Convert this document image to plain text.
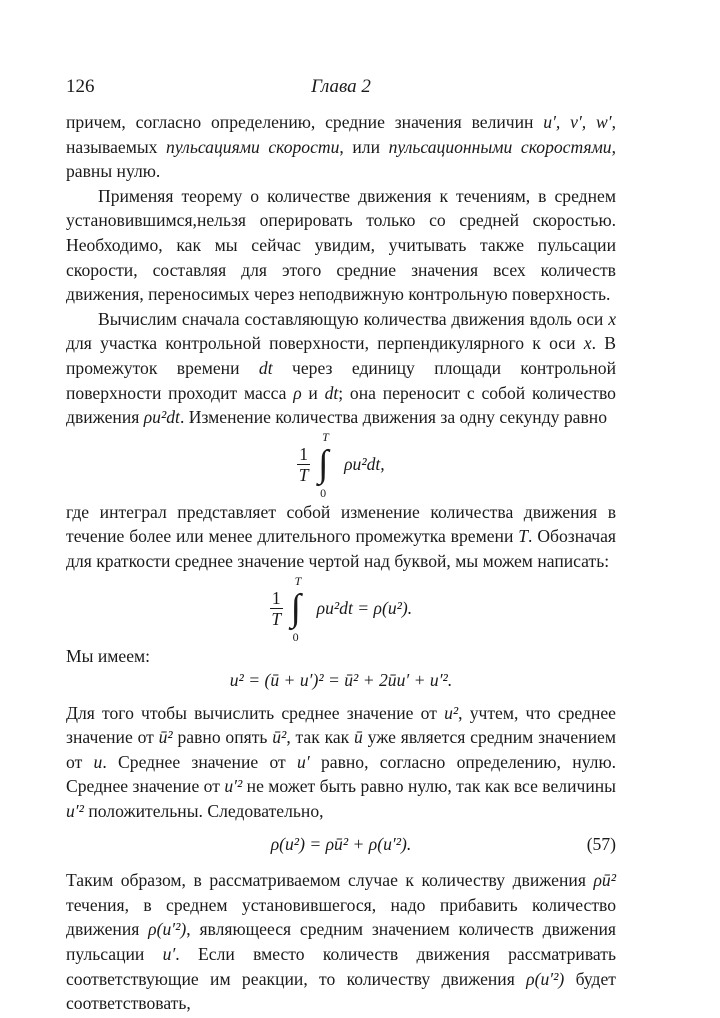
126	Глава 2

причем, согласно определению, средние значения величин u′, v′, w′, называемых пульсациями скорости, или пульсационными скоростями, равны нулю.

Применяя теорему о количестве движения к течениям, в среднем установившимся,нельзя оперировать только со средней скоростью. Необходимо, как мы сейчас увидим, учитывать также пульсации скорости, составляя для этого средние значения всех количеств движения, переносимых через неподвижную контрольную поверхность.

Вычислим сначала составляющую количества движения вдоль оси x для участка контрольной поверхности, перпендикулярного к оси x. В промежуток времени dt через единицу площади контрольной поверхности проходит масса ρ и dt; она переносит с собой количество движения ρu²dt. Изменение количества движения за одну секунду равно

$\frac{1}{T}$
T
∫
0
ρu²dt,

где интеграл представляет собой изменение количества движения в течение более или менее длительного промежутка времени T. Обозначая для краткости среднее значение чертой над буквой, мы можем написать:

$\frac{1}{T}$
T
∫
0
ρu²dt = ρ(u²).

Мы имеем:

u² = (ū + u′)² = ū² + 2ūu′ + u′².

Для того чтобы вычислить среднее значение от u², учтем, что среднее значение от ū² равно опять ū², так как ū уже является средним значением от u. Среднее значение от u′ равно, согласно определению, нулю. Среднее значение от u′² не может быть равно нулю, так как все величины u′² положительны. Следовательно,

ρ(u²) = ρū² + ρ(u′²).	(57)

Таким образом, в рассматриваемом случае к количеству движения ρū² течения, в среднем установившегося, надо прибавить количество движения ρ(u′²), являющееся средним значением количеств движения пульсации u′. Если вместо количеств движения рассматривать соответствующие им реакции, то количеству движения ρ(u′²) будет соответствовать,
